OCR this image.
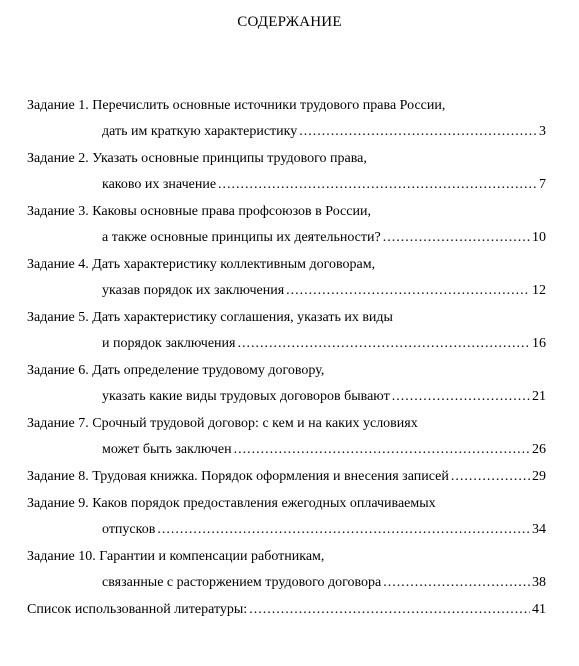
СОДЕРЖАНИЕ
Задание 1. Перечислить основные источники трудового права России,
дать им краткую характеристику .....	3
Задание 2. Указать основные принципы трудового права,
каково их значение .....	7
Задание 3. Каковы основные права профсоюзов в России,
а также основные принципы их деятельности? .....	10
Задание 4. Дать характеристику коллективным договорам,
указав порядок их заключения .....	12
Задание 5. Дать характеристику соглашения, указать их виды
и порядок заключения .....	16
Задание 6. Дать определение трудовому договору,
указать какие виды трудовых договоров бывают .....	21
Задание 7. Срочный трудовой договор: с кем и на каких условиях
может быть заключен .....	26
Задание 8. Трудовая книжка. Порядок оформления и внесения записей .....	29
Задание 9. Каков порядок предоставления ежегодных оплачиваемых
отпусков .....	34
Задание 10. Гарантии и компенсации работникам,
связанные с расторжением трудового договора .....	38
Список использованной литературы: .....	41
